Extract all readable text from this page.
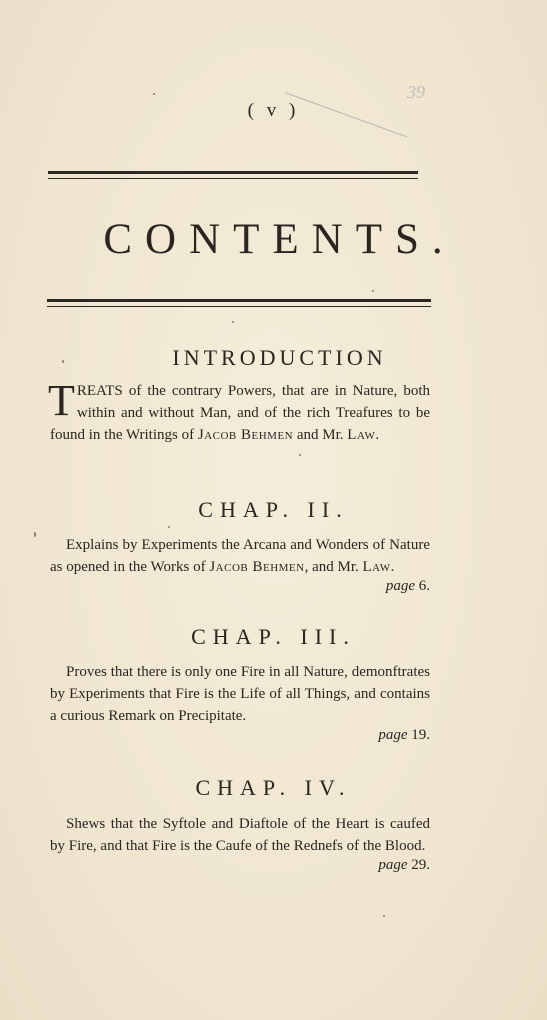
39
( v )
CONTENTS.
INTRODUCTION
TREATS of the contrary Powers, that are in Nature, both within and without Man, and of the rich Treafures to be found in the Writings of Jacob Behmen and Mr. Law.
CHAP. II.
Explains by Experiments the Arcana and Wonders of Nature as opened in the Works of Jacob Behmen, and Mr. Law.
page 6.
CHAP. III.
Proves that there is only one Fire in all Nature, demonftrates by Experiments that Fire is the Life of all Things, and contains a curious Remark on Precipitate.
page 19.
CHAP. IV.
Shews that the Syftole and Diaftole of the Heart is caufed by Fire, and that Fire is the Caufe of the Rednefs of the Blood.
page 29.
